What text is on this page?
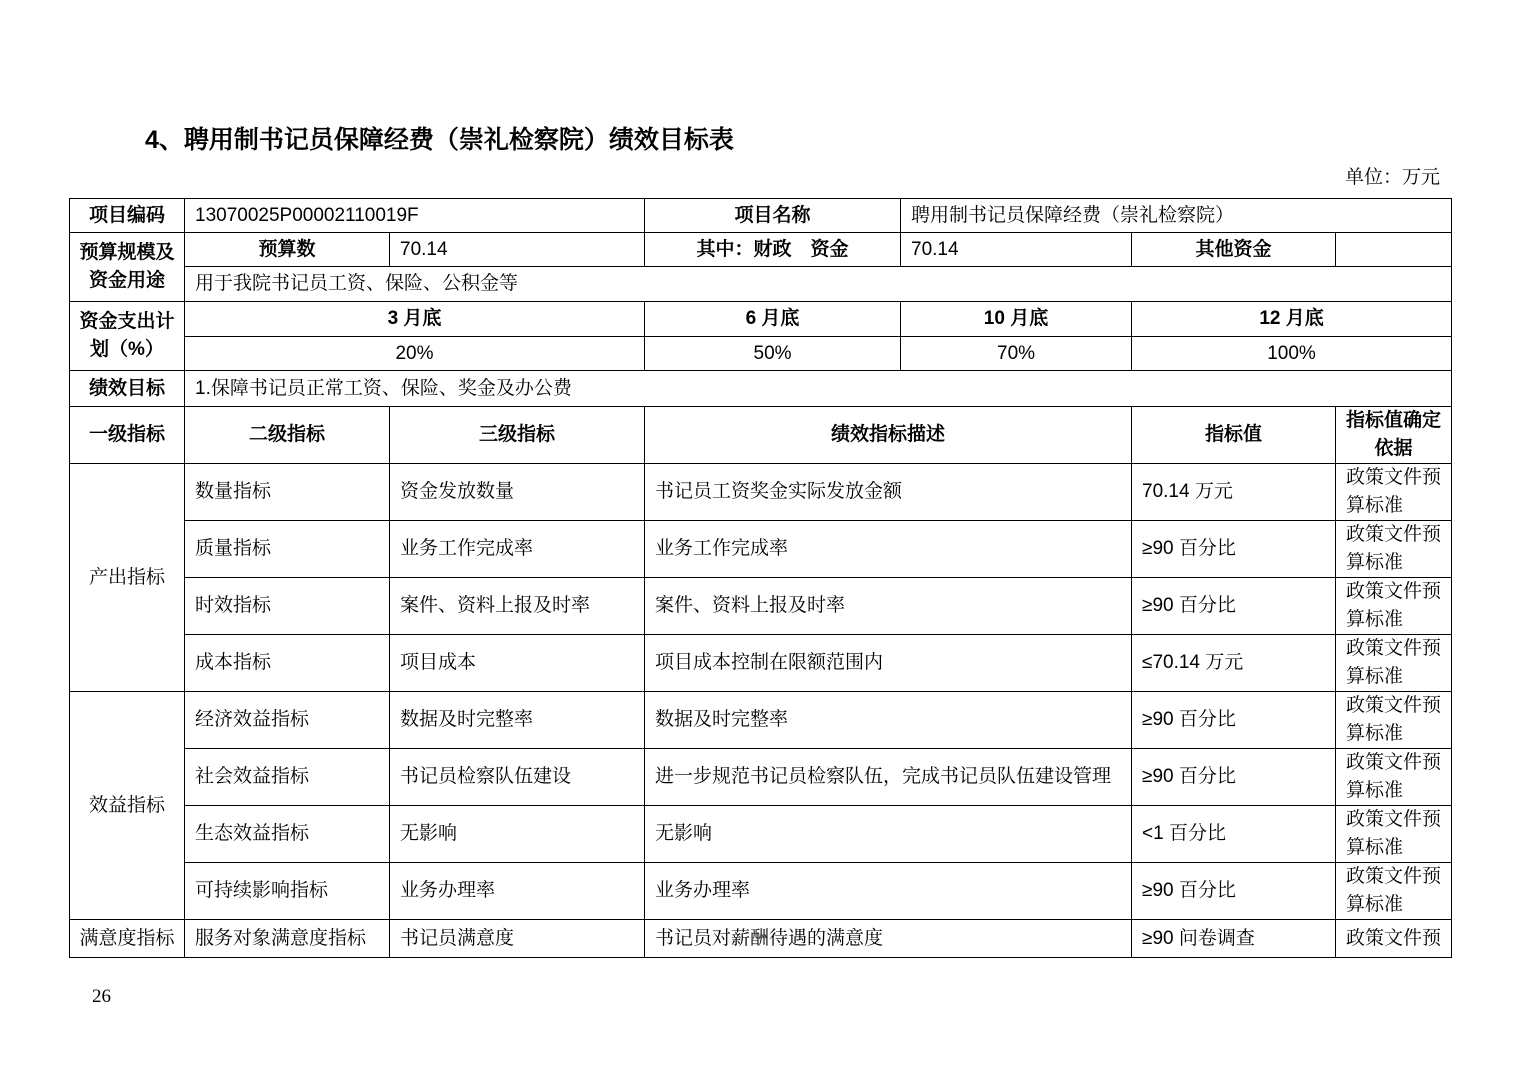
4、聘用制书记员保障经费（崇礼检察院）绩效目标表
单位：万元
项目编码	13070025P00002110019F		项目名称	聘用制书记员保障经费（崇礼检察院）		
预算规模及资金用途	预算数	70.14	其中：财政　资金	70.14	其他资金	
	用于我院书记员工资、保险、公积金等					
资金支出计划（%）	3 月底		6 月底	10 月底	12 月底	
	20%		50%	70%	100%	
绩效目标	1.保障书记员正常工资、保险、奖金及办公费					
一级指标	二级指标	三级指标	绩效指标描述		指标值	指标值确定依据
产出指标	数量指标	资金发放数量	书记员工资奖金实际发放金额		70.14 万元	政策文件预算标准
	质量指标	业务工作完成率	业务工作完成率		≥90 百分比	政策文件预算标准
	时效指标	案件、资料上报及时率	案件、资料上报及时率		≥90 百分比	政策文件预算标准
	成本指标	项目成本	项目成本控制在限额范围内		≤70.14 万元	政策文件预算标准
效益指标	经济效益指标	数据及时完整率	数据及时完整率		≥90 百分比	政策文件预算标准
	社会效益指标	书记员检察队伍建设	进一步规范书记员检察队伍，完成书记员队伍建设管理		≥90 百分比	政策文件预算标准
	生态效益指标	无影响	无影响		<1 百分比	政策文件预算标准
	可持续影响指标	业务办理率	业务办理率		≥90 百分比	政策文件预算标准
满意度指标	服务对象满意度指标	书记员满意度	书记员对薪酬待遇的满意度		≥90 问卷调查	政策文件预
26
